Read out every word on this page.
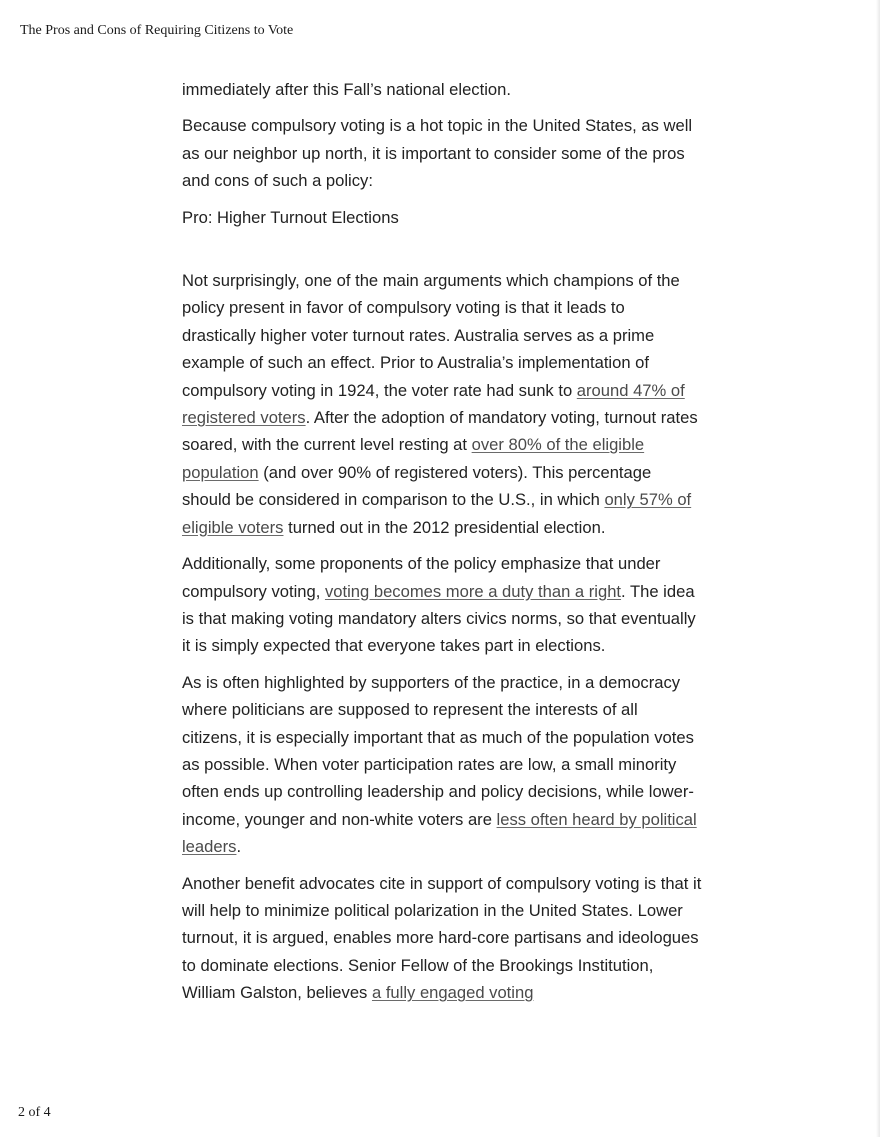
The Pros and Cons of Requiring Citizens to Vote

immediately after this Fall’s national election.

Because compulsory voting is a hot topic in the United States, as well as our neighbor up north, it is important to consider some of the pros and cons of such a policy:

Pro: Higher Turnout Elections

Not surprisingly, one of the main arguments which champions of the policy present in favor of compulsory voting is that it leads to drastically higher voter turnout rates. Australia serves as a prime example of such an effect. Prior to Australia’s implementation of compulsory voting in 1924, the voter rate had sunk to around 47% of registered voters. After the adoption of mandatory voting, turnout rates soared, with the current level resting at over 80% of the eligible population (and over 90% of registered voters). This percentage should be considered in comparison to the U.S., in which only 57% of eligible voters turned out in the 2012 presidential election.

Additionally, some proponents of the policy emphasize that under compulsory voting, voting becomes more a duty than a right. The idea is that making voting mandatory alters civics norms, so that eventually it is simply expected that everyone takes part in elections.

As is often highlighted by supporters of the practice, in a democracy where politicians are supposed to represent the interests of all citizens, it is especially important that as much of the population votes as possible. When voter participation rates are low, a small minority often ends up controlling leadership and policy decisions, while lower-income, younger and non-white voters are less often heard by political leaders.

Another benefit advocates cite in support of compulsory voting is that it will help to minimize political polarization in the United States. Lower turnout, it is argued, enables more hard-core partisans and ideologues to dominate elections. Senior Fellow of the Brookings Institution, William Galston, believes a fully engaged voting

2 of 4
